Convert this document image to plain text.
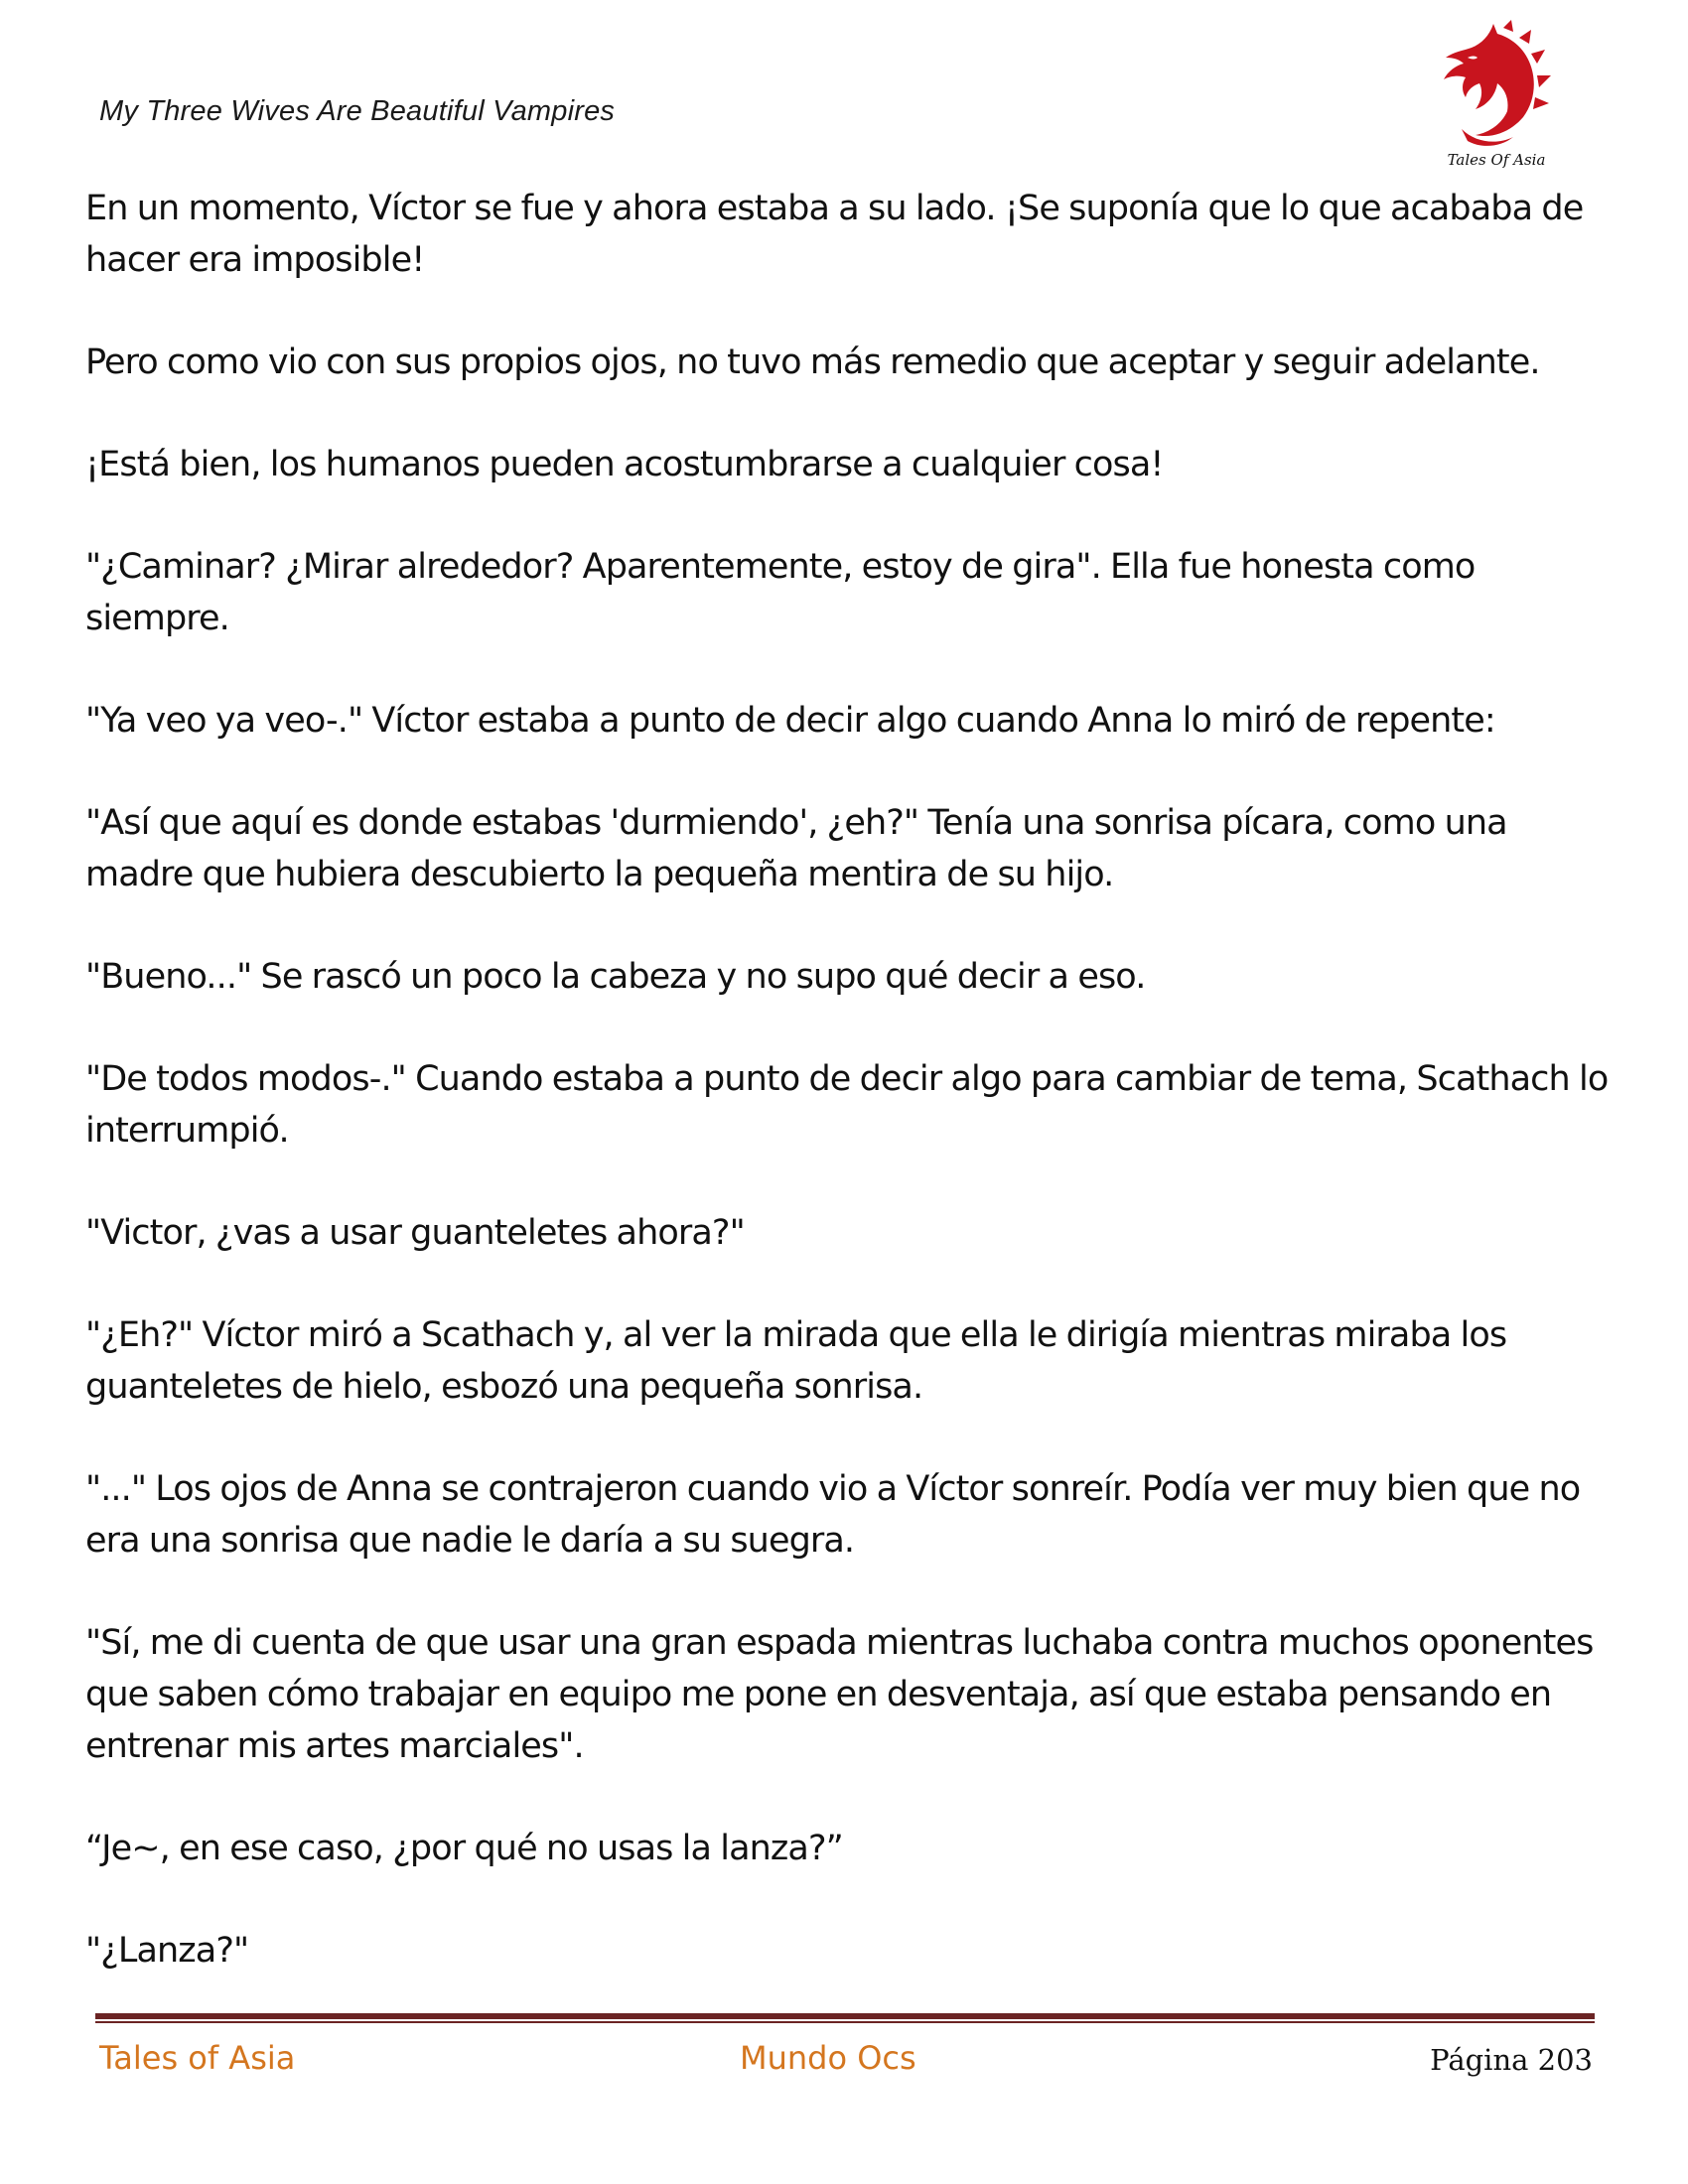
My Three Wives Are Beautiful Vampires
Tales Of Asia

En un momento, Víctor se fue y ahora estaba a su lado. ¡Se suponía que lo que acababa de hacer era imposible!

Pero como vio con sus propios ojos, no tuvo más remedio que aceptar y seguir adelante.

¡Está bien, los humanos pueden acostumbrarse a cualquier cosa!

"¿Caminar? ¿Mirar alrededor? Aparentemente, estoy de gira". Ella fue honesta como siempre.

"Ya veo ya veo-." Víctor estaba a punto de decir algo cuando Anna lo miró de repente:

"Así que aquí es donde estabas 'durmiendo', ¿eh?" Tenía una sonrisa pícara, como una madre que hubiera descubierto la pequeña mentira de su hijo.

"Bueno..." Se rascó un poco la cabeza y no supo qué decir a eso.

"De todos modos-." Cuando estaba a punto de decir algo para cambiar de tema, Scathach lo interrumpió.

"Victor, ¿vas a usar guanteletes ahora?"

"¿Eh?" Víctor miró a Scathach y, al ver la mirada que ella le dirigía mientras miraba los guanteletes de hielo, esbozó una pequeña sonrisa.

"..." Los ojos de Anna se contrajeron cuando vio a Víctor sonreír. Podía ver muy bien que no era una sonrisa que nadie le daría a su suegra.

"Sí, me di cuenta de que usar una gran espada mientras luchaba contra muchos oponentes que saben cómo trabajar en equipo me pone en desventaja, así que estaba pensando en entrenar mis artes marciales".

“Je~, en ese caso, ¿por qué no usas la lanza?”

"¿Lanza?"

Tales of Asia	Mundo Ocs	Página 203
